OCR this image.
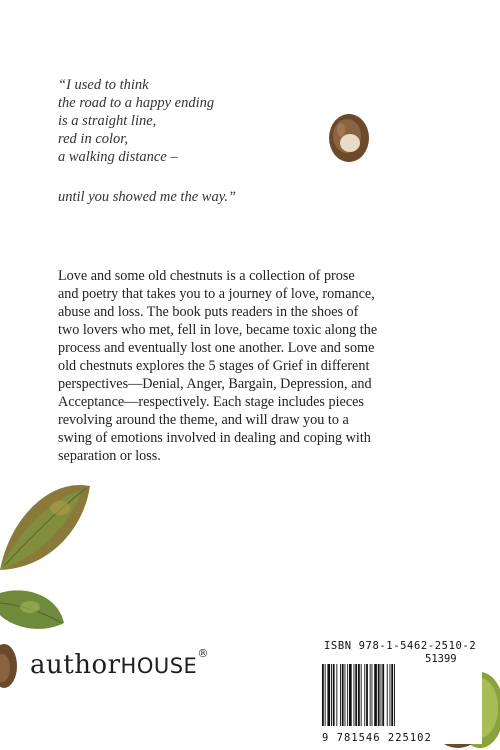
“I used to think
the road to a happy ending
is a straight line,
red in color,
a walking distance –
until you showed me the way.”
Love and some old chestnuts is a collection of prose
and poetry that takes you to a journey of love, romance,
abuse and loss. The book puts readers in the shoes of
two lovers who met, fell in love, became toxic along the
process and eventually lost one another. Love and some
old chestnuts explores the 5 stages of Grief in different
perspectives—Denial, Anger, Bargain, Depression, and
Acceptance—respectively. Each stage includes pieces
revolving around the theme, and will draw you to a
swing of emotions involved in dealing and coping with
separation or loss.
authorHOUSE®
ISBN 978-1-5462-2510-2
51399
9 781546 225102
